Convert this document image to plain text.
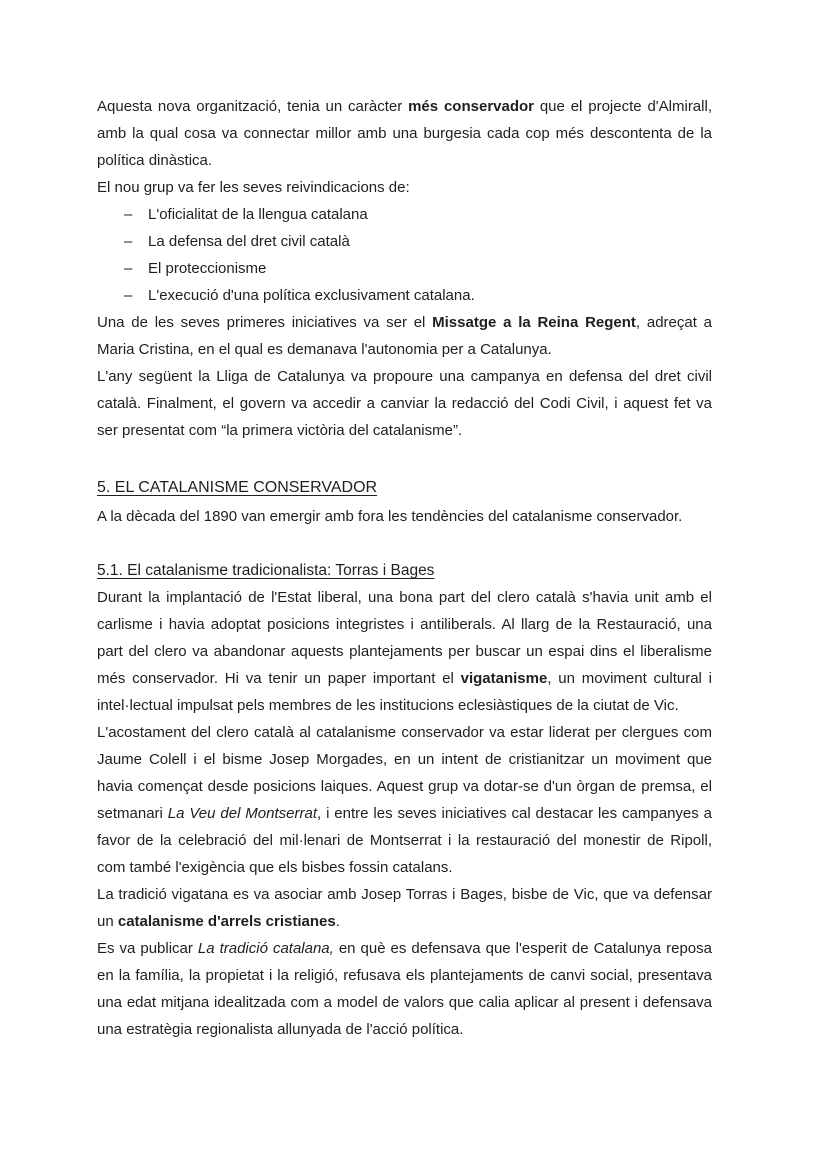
Aquesta nova organització, tenia un caràcter més conservador que el projecte d'Almirall, amb la qual cosa va connectar millor amb una burgesia cada cop més descontenta de la política dinàstica.

El nou grup va fer les seves reivindicacions de:

–	L'oficialitat de la llengua catalana
–	La defensa del dret civil català
–	El proteccionisme
–	L'execució d'una política exclusivament catalana.

Una de les seves primeres iniciatives va ser el Missatge a la Reina Regent, adreçat a Maria Cristina, en el qual es demanava l'autonomia per a Catalunya.

L'any següent la Lliga de Catalunya va propoure una campanya en defensa del dret civil català. Finalment, el govern va accedir a canviar la redacció del Codi Civil, i aquest fet va ser presentat com “la primera victòria del catalanisme”.

5. EL CATALANISME CONSERVADOR

A la dècada del 1890 van emergir amb fora les tendències del catalanisme conservador.

5.1. El catalanisme tradicionalista: Torras i Bages

Durant la implantació de l'Estat liberal, una bona part del clero català s'havia unit amb el carlisme i havia adoptat posicions integristes i antiliberals. Al llarg de la Restauració, una part del clero va abandonar aquests plantejaments per buscar un espai dins el liberalisme més conservador. Hi va tenir un paper important el vigatanisme, un moviment cultural i intel·lectual impulsat pels membres de les institucions eclesiàstiques de la ciutat de Vic.

L'acostament del clero català al catalanisme conservador va estar liderat per clergues com Jaume Colell i el bisme Josep Morgades, en un intent de cristianitzar un moviment que havia començat desde posicions laiques. Aquest grup va dotar-se d'un òrgan de premsa, el setmanari La Veu del Montserrat, i entre les seves iniciatives cal destacar les campanyes a favor de la celebració del mil·lenari de Montserrat i la restauració del monestir de Ripoll, com també l'exigència que els bisbes fossin catalans.

La tradició vigatana es va asociar amb Josep Torras i Bages, bisbe de Vic, que va defensar un catalanisme d'arrels cristianes.

Es va publicar La tradició catalana, en què es defensava que l'esperit de Catalunya reposa en la família, la propietat i la religió, refusava els plantejaments de canvi social, presentava una edat mitjana idealitzada com a model de valors que calia aplicar al present i defensava una estratègia regionalista allunyada de l'acció política.
